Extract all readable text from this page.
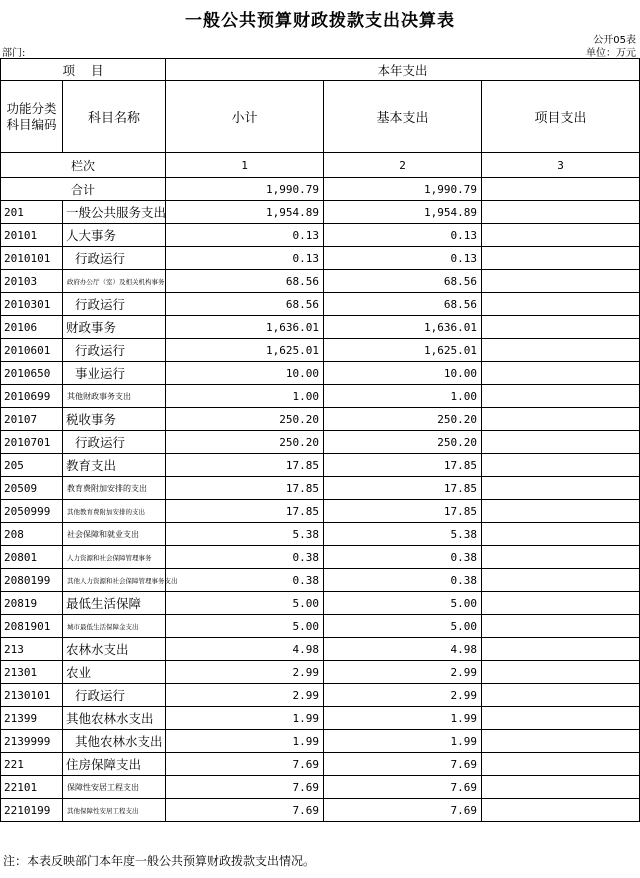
一般公共预算财政拨款支出决算表
公开05表
部门:	单位：万元
项    目		本年支出		
功能分类
科目编码	科目名称	小计	基本支出	项目支出
栏次		1	2	3
合计		1,990.79	1,990.79	
201	一般公共服务支出	1,954.89	1,954.89	
20101	人大事务	0.13	0.13	
2010101	行政运行	0.13	0.13	
20103	政府办公厅（室）及相关机构事务	68.56	68.56	
2010301	行政运行	68.56	68.56	
20106	财政事务	1,636.01	1,636.01	
2010601	行政运行	1,625.01	1,625.01	
2010650	事业运行	10.00	10.00	
2010699	其他财政事务支出	1.00	1.00	
20107	税收事务	250.20	250.20	
2010701	行政运行	250.20	250.20	
205	教育支出	17.85	17.85	
20509	教育费附加安排的支出	17.85	17.85	
2050999	其他教育费附加安排的支出	17.85	17.85	
208	社会保障和就业支出	5.38	5.38	
20801	人力资源和社会保障管理事务	0.38	0.38	
2080199	其他人力资源和社会保障管理事务支出	0.38	0.38	
20819	最低生活保障	5.00	5.00	
2081901	城市最低生活保障金支出	5.00	5.00	
213	农林水支出	4.98	4.98	
21301	农业	2.99	2.99	
2130101	行政运行	2.99	2.99	
21399	其他农林水支出	1.99	1.99	
2139999	其他农林水支出	1.99	1.99	
221	住房保障支出	7.69	7.69	
22101	保障性安居工程支出	7.69	7.69	
2210199	其他保障性安居工程支出	7.69	7.69	
注：本表反映部门本年度一般公共预算财政拨款支出情况。
